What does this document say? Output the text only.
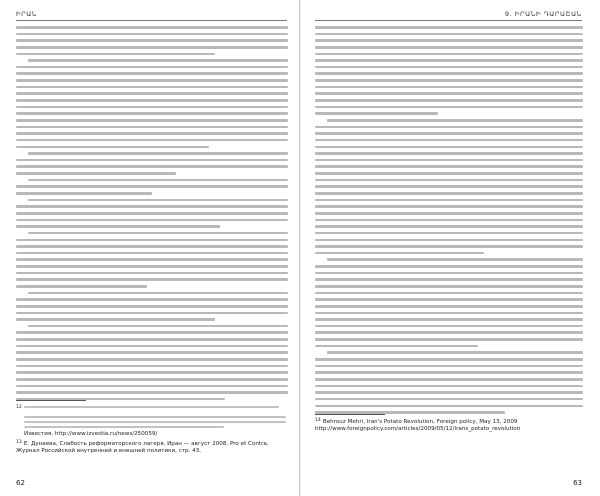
ԻՐԱՆ
$^{12}$
Известия, http://www.izvestia.ru/news/250059/
$^{13}$ Е. Дунаева, Слабость реформаторского лагеря, Иран — август 2008, Pro et Contra, Журнал Российской внутренней и внешней политики, стр. 43.
62
9. ԻՐԱՆԻ ԴԱՐԱՇԱՆ
$^{14}$ Behrouz Mehri, Iran's Potato Revolution, Foreign policy, May 13, 2009 http://www.foreignpolicy.com/articles/2009/05/12/irans_potato_revolution
63
